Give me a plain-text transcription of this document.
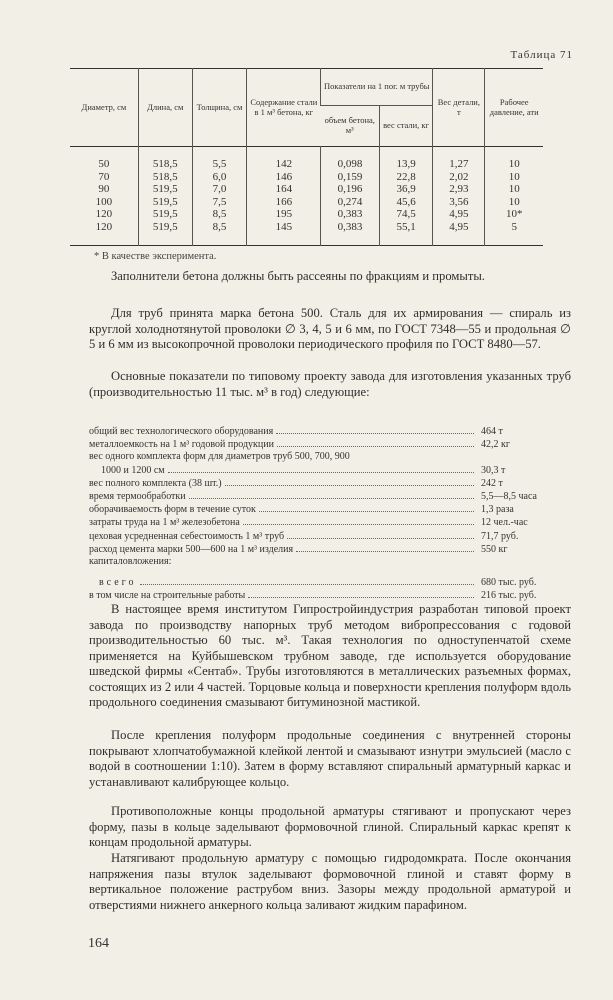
Таблица 71
Диаметр, см	Длина, см	Толщина, см	Содержание стали в 1 м³ бетона, кг	Показатели на 1 пог. м трубы		Вес детали, т	Рабочее давление, ати
				объем бетона, м³	вес стали, кг		
50	518,5	5,5	142	0,098	13,9	1,27	10
70	518,5	6,0	146	0,159	22,8	2,02	10
90	519,5	7,0	164	0,196	36,9	2,93	10
100	519,5	7,5	166	0,274	45,6	3,56	10
120	519,5	8,5	195	0,383	74,5	4,95	10*
120	519,5	8,5	145	0,383	55,1	4,95	5
* В качестве эксперимента.
Заполнители бетона должны быть рассеяны по фракциям и промыты.
Для труб принята марка бетона 500. Сталь для их армирования — спираль из круглой холоднотянутой проволоки ∅ 3, 4, 5 и 6 мм, по ГОСТ 7348—55 и продольная ∅ 5 и 6 мм из высокопрочной проволоки периодического профиля по ГОСТ 8480—57.
Основные показатели по типовому проекту завода для изготовления указанных труб (производительностью 11 тыс. м³ в год) следующие:
общий вес технологического оборудования	464 т
металлоемкость на 1 м³ годовой продукции	42,2 кг
вес одного комплекта форм для диаметров труб 500, 700, 900
1000 и 1200 см	30,3 т
вес полного комплекта (38 шт.)	242 т
время термообработки	5,5—8,5 часа
оборачиваемость форм в течение суток	1,3 раза
затраты труда на 1 м³ железобетона	12 чел.-час
цеховая усредненная себестоимость 1 м³ труб	71,7 руб.
расход цемента марки 500—600 на 1 м³ изделия	550 кг
капиталовложения:
всего	680 тыс. руб.
в том числе на строительные работы	216 тыс. руб.
В настоящее время институтом Гипростройиндустрия разработан типовой проект завода по производству напорных труб методом вибропрессования с годовой производительностью 60 тыс. м³. Такая технология по одноступенчатой схеме применяется на Куйбышевском трубном заводе, где используется оборудование шведской фирмы «Сентаб». Трубы изготовляются в металлических разъемных формах, состоящих из 2 или 4 частей. Торцовые кольца и поверхности крепления полуформ вдоль продольного соединения смазывают битуминозной мастикой.
После крепления полуформ продольные соединения с внутренней стороны покрывают хлопчатобумажной клейкой лентой и смазывают изнутри эмульсией (масло с водой в соотношении 1:10). Затем в форму вставляют спиральный арматурный каркас и устанавливают калибрующее кольцо.
Противоположные концы продольной арматуры стягивают и пропускают через форму, пазы в кольце заделывают формовочной глиной. Спиральный каркас крепят к концам продольной арматуры.
Натягивают продольную арматуру с помощью гидродомкрата. После окончания напряжения пазы втулок заделывают формовочной глиной и ставят форму в вертикальное положение раструбом вниз. Зазоры между продольной арматурой и отверстиями нижнего анкерного кольца заливают жидким парафином.
164
